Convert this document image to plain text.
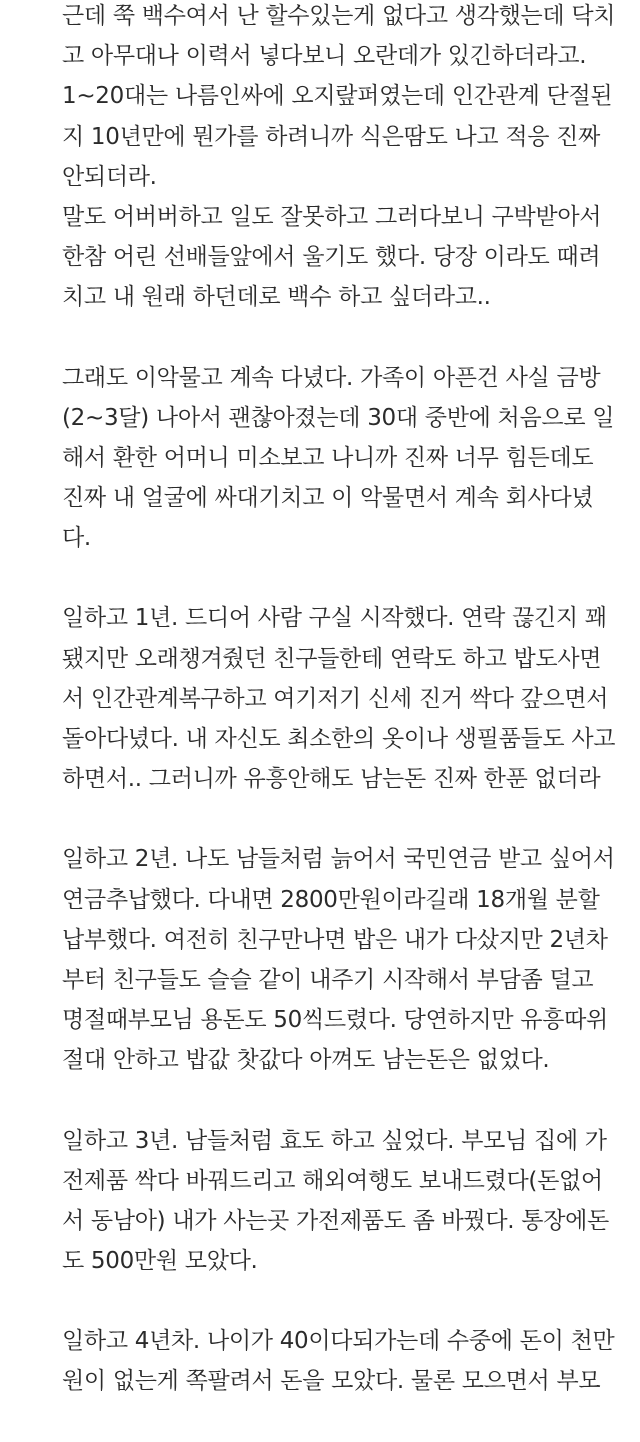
근데 쭉 백수여서 난 할수있는게 없다고 생각했는데 닥치
고 아무대나 이력서 넣다보니 오란데가 있긴하더라고.
1~20대는 나름인싸에 오지랖퍼였는데 인간관계 단절된
지 10년만에 뭔가를 하려니까 식은땀도 나고 적응 진짜
안되더라.
말도 어버버하고 일도 잘못하고 그러다보니 구박받아서
한참 어린 선배들앞에서 울기도 했다. 당장 이라도 때려
치고 내 원래 하던데로 백수 하고 싶더라고..
그래도 이악물고 계속 다녔다. 가족이 아픈건 사실 금방
(2~3달) 나아서 괜찮아졌는데 30대 중반에 처음으로 일
해서 환한 어머니 미소보고 나니까 진짜 너무 힘든데도
진짜 내 얼굴에 싸대기치고 이 악물면서 계속 회사다녔
다.
일하고 1년. 드디어 사람 구실 시작했다. 연락 끊긴지 꽤
됐지만 오래챙겨줬던 친구들한테 연락도 하고 밥도사면
서 인간관계복구하고 여기저기 신세 진거 싹다 갚으면서
돌아다녔다. 내 자신도 최소한의 옷이나 생필품들도 사고
하면서.. 그러니까 유흥안해도 남는돈 진짜 한푼 없더라
일하고 2년. 나도 남들처럼 늙어서 국민연금 받고 싶어서
연금추납했다. 다내면 2800만원이라길래 18개월 분할
납부했다. 여전히 친구만나면 밥은 내가 다샀지만 2년차
부터 친구들도 슬슬 같이 내주기 시작해서 부담좀 덜고
명절때부모님 용돈도 50씩드렸다. 당연하지만 유흥따위
절대 안하고 밥값 찻값다 아껴도 남는돈은 없었다.
일하고 3년. 남들처럼 효도 하고 싶었다. 부모님 집에 가
전제품 싹다 바꿔드리고 해외여행도 보내드렸다(돈없어
서 동남아) 내가 사는곳 가전제품도 좀 바꿨다. 통장에돈
도 500만원 모았다.
일하고 4년차. 나이가 40이다되가는데 수중에 돈이 천만
원이 없는게 쪽팔려서 돈을 모았다. 물론 모으면서 부모
